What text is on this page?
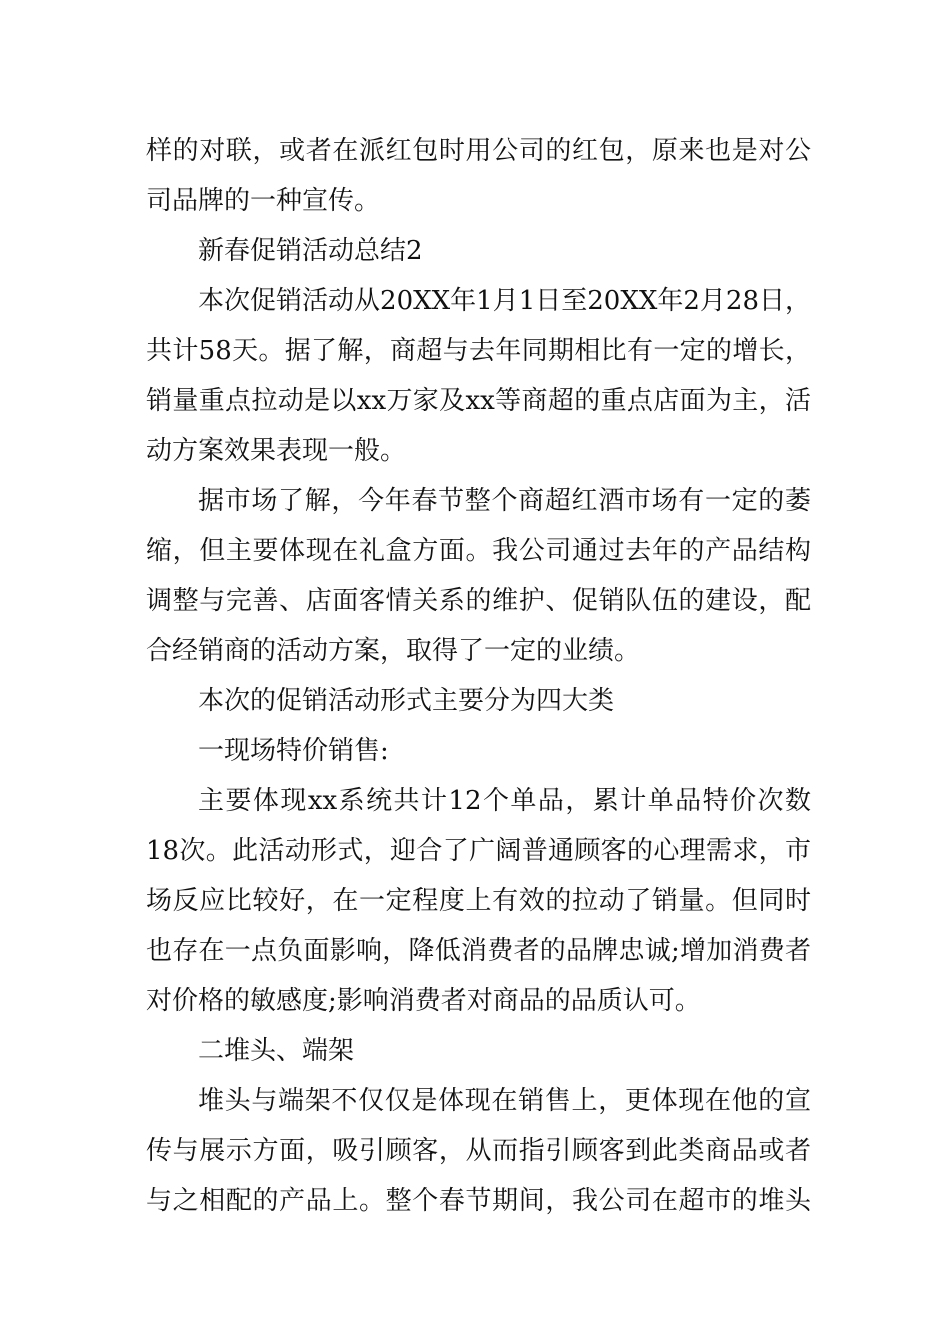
样的对联，或者在派红包时用公司的红包，原来也是对公
司品牌的一种宣传。
新春促销活动总结2
本次促销活动从20XX年1月1日至20XX年2月28日，
共计58天。据了解，商超与去年同期相比有一定的增长，
销量重点拉动是以xx万家及xx等商超的重点店面为主，活
动方案效果表现一般。
据市场了解，今年春节整个商超红酒市场有一定的萎
缩，但主要体现在礼盒方面。我公司通过去年的产品结构
调整与完善、店面客情关系的维护、促销队伍的建设，配
合经销商的活动方案，取得了一定的业绩。
本次的促销活动形式主要分为四大类
一现场特价销售:
主要体现xx系统共计12个单品，累计单品特价次数
18次。此活动形式，迎合了广阔普通顾客的心理需求，市
场反应比较好，在一定程度上有效的拉动了销量。但同时
也存在一点负面影响，降低消费者的品牌忠诚;增加消费者
对价格的敏感度;影响消费者对商品的品质认可。
二堆头、端架
堆头与端架不仅仅是体现在销售上，更体现在他的宣
传与展示方面，吸引顾客，从而指引顾客到此类商品或者
与之相配的产品上。整个春节期间，我公司在超市的堆头
